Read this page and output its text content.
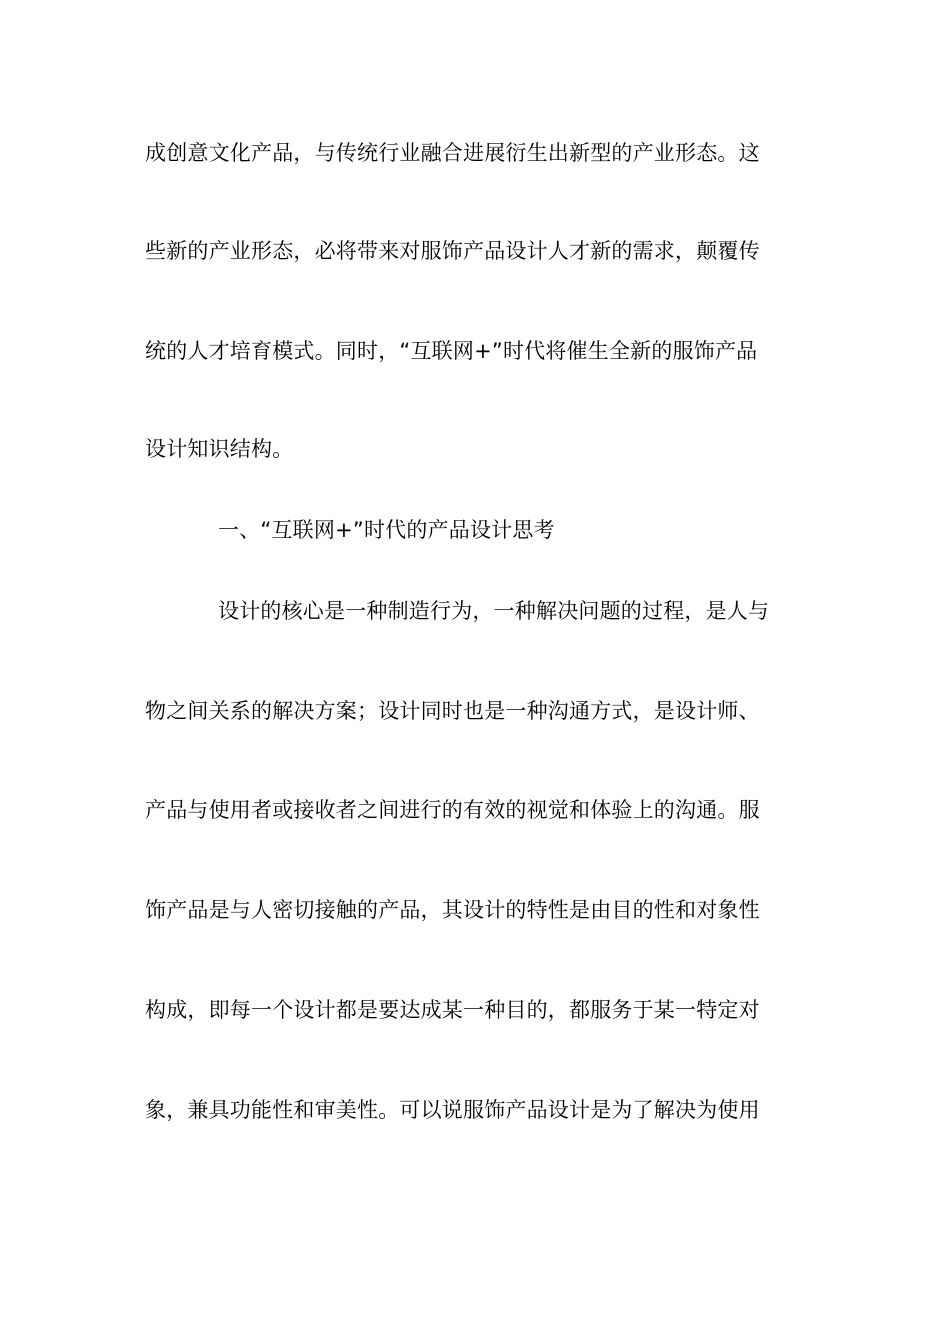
成创意文化产品，与传统行业融合进展衍生出新型的产业形态。这
些新的产业形态，必将带来对服饰产品设计人才新的需求，颠覆传
统的人才培育模式。同时，“互联网+”时代将催生全新的服饰产品
设计知识结构。
一、“互联网+”时代的产品设计思考
设计的核心是一种制造行为，一种解决问题的过程，是人与
物之间关系的解决方案；设计同时也是一种沟通方式，是设计师、
产品与使用者或接收者之间进行的有效的视觉和体验上的沟通。服
饰产品是与人密切接触的产品，其设计的特性是由目的性和对象性
构成，即每一个设计都是要达成某一种目的，都服务于某一特定对
象，兼具功能性和审美性。可以说服饰产品设计是为了解决为使用
